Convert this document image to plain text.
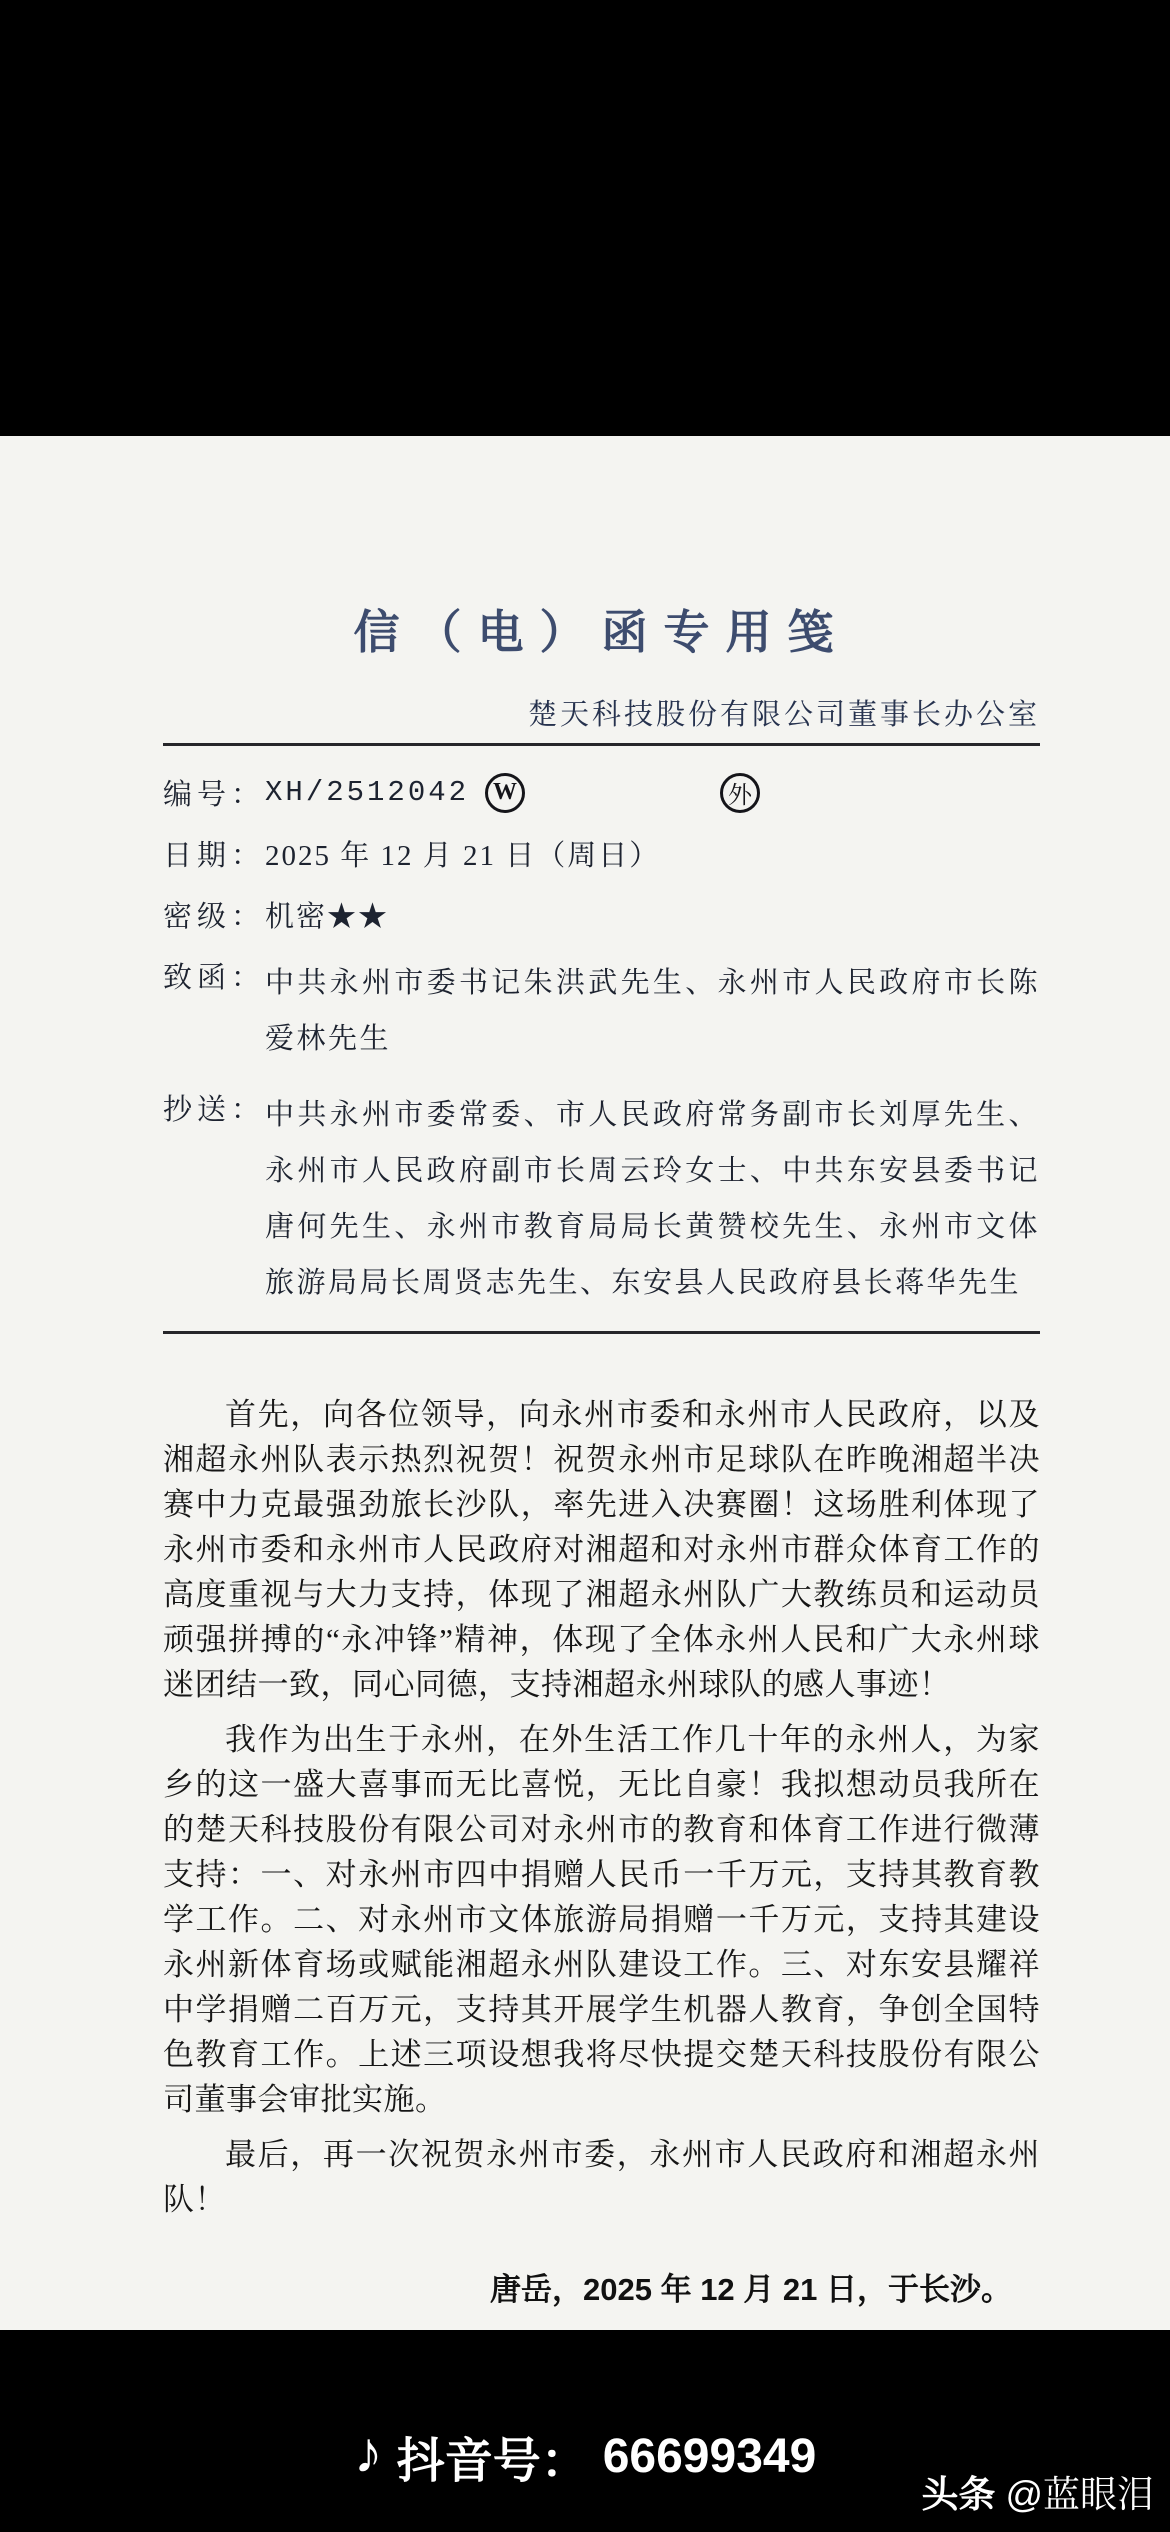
信（电）函专用笺
楚天科技股份有限公司董事长办公室
编号： XH/2512042	W	外
日期： 2025 年 12 月 21 日（周日）
密级： 机密★★
致函： 中共永州市委书记朱洪武先生、永州市人民政府市长陈爱林先生
抄送： 中共永州市委常委、市人民政府常务副市长刘厚先生、永州市人民政府副市长周云玲女士、中共东安县委书记唐何先生、永州市教育局局长黄赞校先生、永州市文体旅游局局长周贤志先生、东安县人民政府县长蒋华先生

首先，向各位领导，向永州市委和永州市人民政府，以及湘超永州队表示热烈祝贺！祝贺永州市足球队在昨晚湘超半决赛中力克最强劲旅长沙队，率先进入决赛圈！这场胜利体现了永州市委和永州市人民政府对湘超和对永州市群众体育工作的高度重视与大力支持，体现了湘超永州队广大教练员和运动员顽强拼搏的“永冲锋”精神，体现了全体永州人民和广大永州球迷团结一致，同心同德，支持湘超永州球队的感人事迹！

我作为出生于永州，在外生活工作几十年的永州人，为家乡的这一盛大喜事而无比喜悦，无比自豪！我拟想动员我所在的楚天科技股份有限公司对永州市的教育和体育工作进行微薄支持：一、对永州市四中捐赠人民币一千万元，支持其教育教学工作。二、对永州市文体旅游局捐赠一千万元，支持其建设永州新体育场或赋能湘超永州队建设工作。三、对东安县耀祥中学捐赠二百万元，支持其开展学生机器人教育，争创全国特色教育工作。上述三项设想我将尽快提交楚天科技股份有限公司董事会审批实施。

最后，再一次祝贺永州市委，永州市人民政府和湘超永州队！

唐岳，2025 年 12 月 21 日，于长沙。
♪ 抖音号： 66699349
头条 @蓝眼泪
